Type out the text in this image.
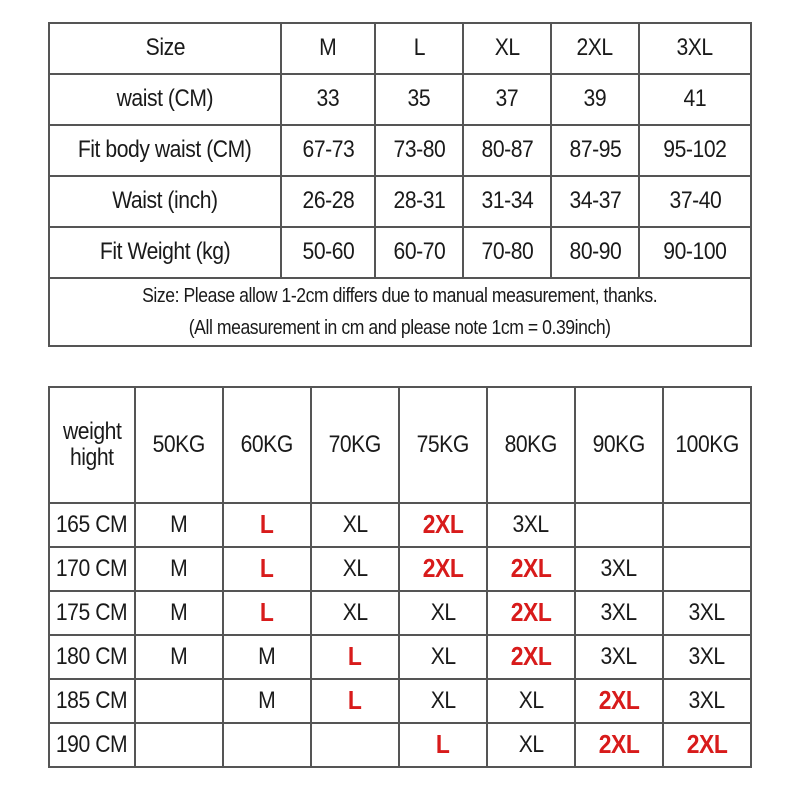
Size	M	L	XL	2XL	3XL
waist (CM)	33	35	37	39	41
Fit body waist (CM)	67-73	73-80	80-87	87-95	95-102
Waist (inch)	26-28	28-31	31-34	34-37	37-40
Fit Weight (kg)	50-60	60-70	70-80	80-90	90-100

Size: Please allow 1-2cm differs due to manual measurement, thanks.
(All measurement in cm and please note 1cm = 0.39inch)					
weight
hight	50KG	60KG	70KG	75KG	80KG	90KG	100KG
165 CM	M	L	XL	2XL	3XL		
170 CM	M	L	XL	2XL	2XL	3XL	
175 CM	M	L	XL	XL	2XL	3XL	3XL
180 CM	M	M	L	XL	2XL	3XL	3XL
185 CM		M	L	XL	XL	2XL	3XL
190 CM				L	XL	2XL	2XL
